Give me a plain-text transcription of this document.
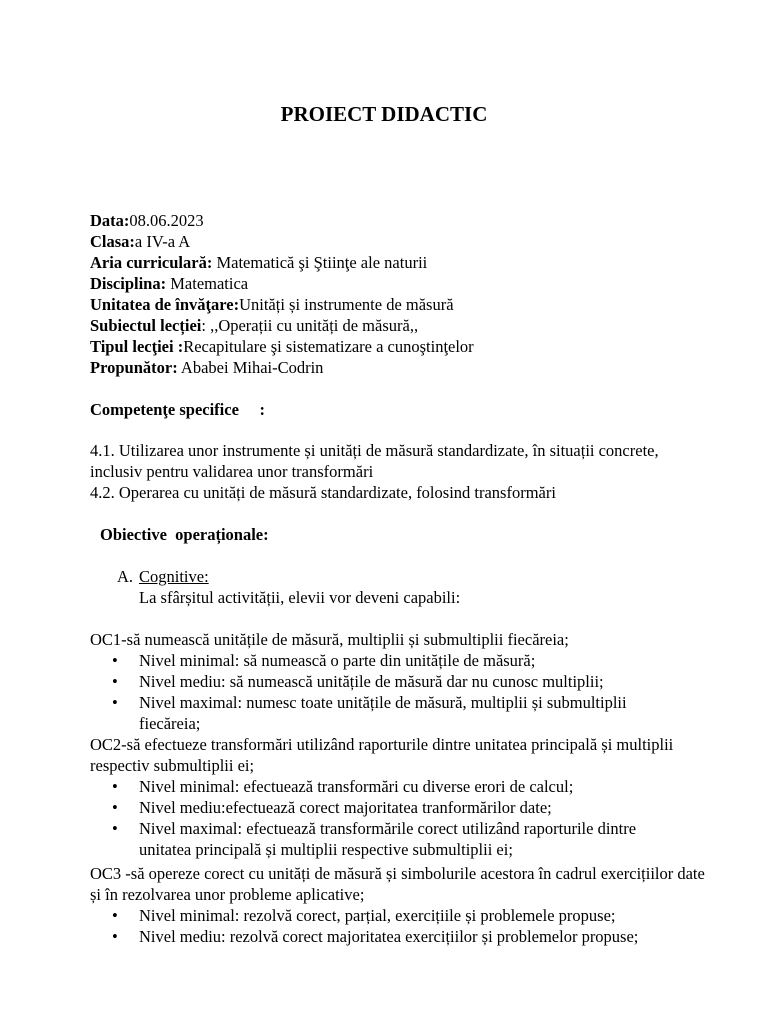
PROIECT DIDACTIC
Data:08.06.2023
Clasa:a IV-a A
Aria curriculară: Matematică şi Ştiinţe ale naturii
Disciplina: Matematica
Unitatea de învăţare:Unități și instrumente de măsură
Subiectul lecției: ,,Operații cu unități de măsură,,
Tipul lecţiei :Recapitulare şi sistematizare a cunoştinţelor
Propunător: Ababei Mihai-Codrin
Competenţe specifice     :
4.1. Utilizarea unor instrumente și unități de măsură standardizate, în situații concrete, inclusiv pentru validarea unor transformări
4.2. Operarea cu unități de măsură standardizate, folosind transformări
Obiective  operaționale:
A. Cognitive:
La sfârșitul activității, elevii vor deveni capabili:
OC1-să numească unitățile de măsură, multiplii și submultiplii fiecăreia;
• Nivel minimal: să numească o parte din unitățile de măsură;
• Nivel mediu: să numească unitățile de măsură dar nu cunosc multiplii;
• Nivel maximal: numesc toate unitățile de măsură, multiplii și submultiplii fiecăreia;
OC2-să efectueze transformări utilizând raporturile dintre unitatea principală și multiplii respectiv submultiplii ei;
• Nivel minimal: efectuează transformări cu diverse erori de calcul;
• Nivel mediu:efectuează corect majoritatea tranformărilor date;
• Nivel maximal: efectuează transformările corect utilizând raporturile dintre unitatea principală și multiplii respective submultiplii ei;
OC3 -să opereze corect cu unități de măsură și simbolurile acestora în cadrul exercițiilor date și în rezolvarea unor probleme aplicative;
• Nivel minimal: rezolvă corect, parțial, exercițiile și problemele propuse;
• Nivel mediu: rezolvă corect majoritatea exercițiilor și problemelor propuse;
